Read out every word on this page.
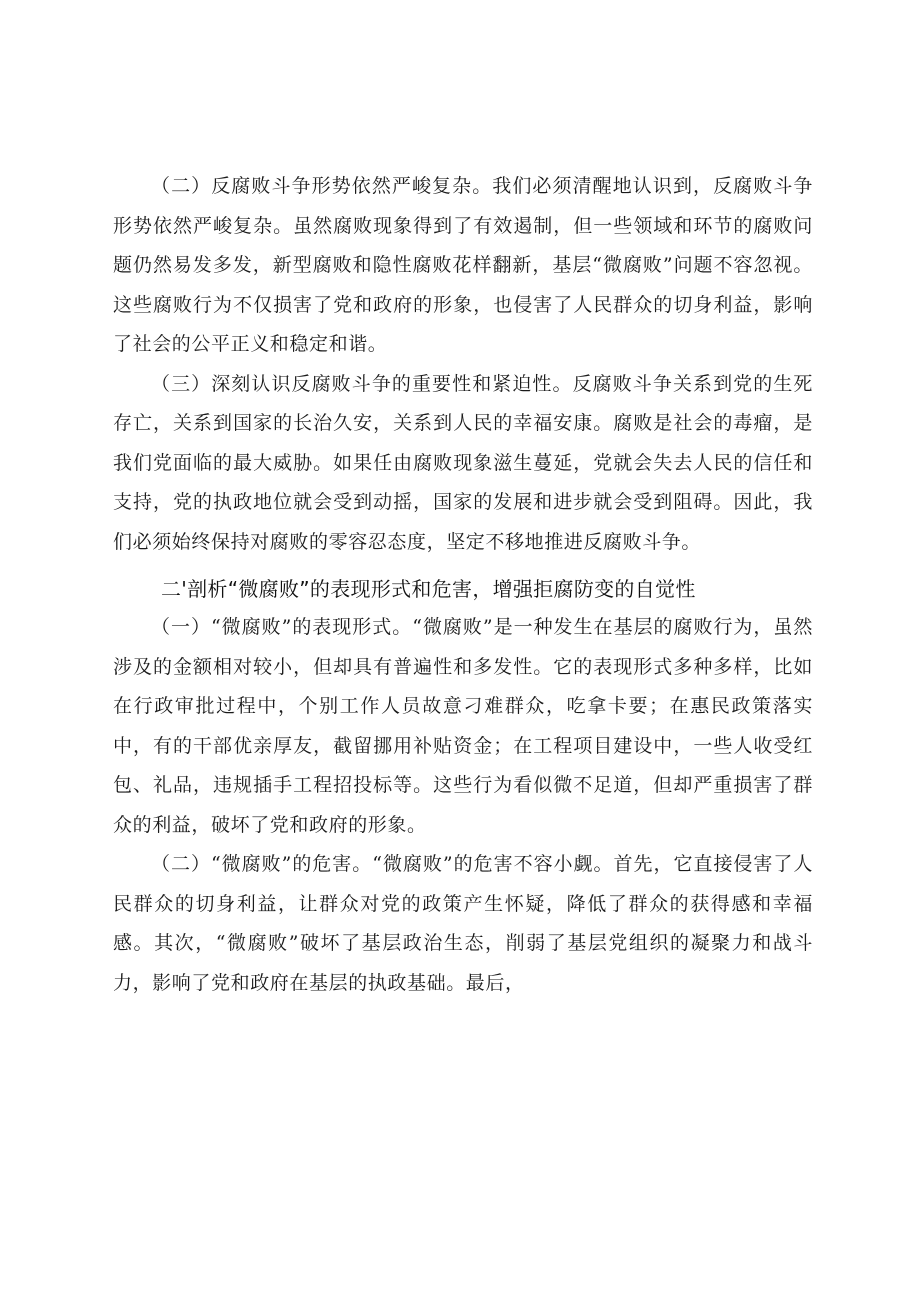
（二）反腐败斗争形势依然严峻复杂。我们必须清醒地认识到，反腐败斗争形势依然严峻复杂。虽然腐败现象得到了有效遏制，但一些领域和环节的腐败问题仍然易发多发，新型腐败和隐性腐败花样翻新，基层“微腐败”问题不容忽视。这些腐败行为不仅损害了党和政府的形象，也侵害了人民群众的切身利益，影响了社会的公平正义和稳定和谐。

（三）深刻认识反腐败斗争的重要性和紧迫性。反腐败斗争关系到党的生死存亡，关系到国家的长治久安，关系到人民的幸福安康。腐败是社会的毒瘤，是我们党面临的最大威胁。如果任由腐败现象滋生蔓延，党就会失去人民的信任和支持，党的执政地位就会受到动摇，国家的发展和进步就会受到阻碍。因此，我们必须始终保持对腐败的零容忍态度，坚定不移地推进反腐败斗争。

二'剖析“微腐败”的表现形式和危害，增强拒腐防变的自觉性

（一）“微腐败”的表现形式。“微腐败”是一种发生在基层的腐败行为，虽然涉及的金额相对较小，但却具有普遍性和多发性。它的表现形式多种多样，比如在行政审批过程中，个别工作人员故意刁难群众，吃拿卡要；在惠民政策落实中，有的干部优亲厚友，截留挪用补贴资金；在工程项目建设中，一些人收受红包、礼品，违规插手工程招投标等。这些行为看似微不足道，但却严重损害了群众的利益，破坏了党和政府的形象。

（二）“微腐败”的危害。“微腐败”的危害不容小觑。首先，它直接侵害了人民群众的切身利益，让群众对党的政策产生怀疑，降低了群众的获得感和幸福感。其次，“微腐败”破坏了基层政治生态，削弱了基层党组织的凝聚力和战斗力，影响了党和政府在基层的执政基础。最后，
